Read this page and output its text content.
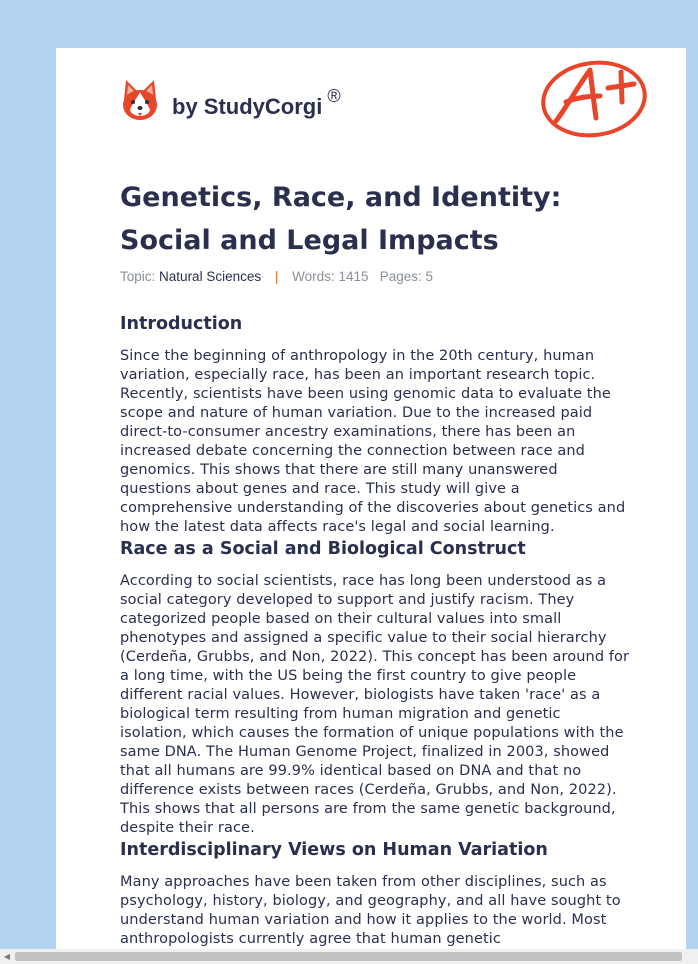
by StudyCorgi ®
Genetics, Race, and Identity: Social and Legal Impacts
Topic: Natural Sciences | Words: 1415 Pages: 5
Introduction

Since the beginning of anthropology in the 20th century, human variation, especially race, has been an important research topic. Recently, scientists have been using genomic data to evaluate the scope and nature of human variation. Due to the increased paid direct-to-consumer ancestry examinations, there has been an increased debate concerning the connection between race and genomics. This shows that there are still many unanswered questions about genes and race. This study will give a comprehensive understanding of the discoveries about genetics and how the latest data affects race's legal and social learning.

Race as a Social and Biological Construct

According to social scientists, race has long been understood as a social category developed to support and justify racism. They categorized people based on their cultural values into small phenotypes and assigned a specific value to their social hierarchy (Cerdeña, Grubbs, and Non, 2022). This concept has been around for a long time, with the US being the first country to give people different racial values. However, biologists have taken 'race' as a biological term resulting from human migration and genetic isolation, which causes the formation of unique populations with the same DNA. The Human Genome Project, finalized in 2003, showed that all humans are 99.9% identical based on DNA and that no difference exists between races (Cerdeña, Grubbs, and Non, 2022). This shows that all persons are from the same genetic background, despite their race.

Interdisciplinary Views on Human Variation

Many approaches have been taken from other disciplines, such as psychology, history, biology, and geography, and all have sought to understand human variation and how it applies to the world. Most anthropologists currently agree that human genetic

◀
